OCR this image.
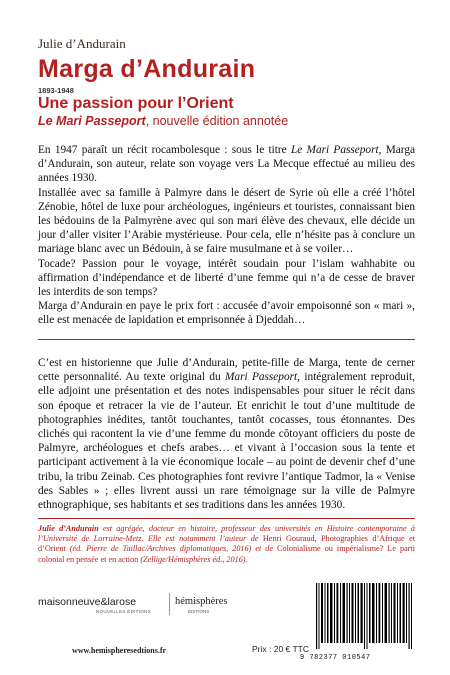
Julie d’Andurain
Marga d’Andurain
1893-1948
Une passion pour l’Orient
Le Mari Passeport, nouvelle édition annotée

En 1947 paraît un récit rocambolesque : sous le titre Le Mari Passeport, Marga d’Andurain, son auteur, relate son voyage vers La Mecque effectué au milieu des années 1930.

Installée avec sa famille à Palmyre dans le désert de Syrie où elle a créé l’hôtel Zénobie, hôtel de luxe pour archéologues, ingénieurs et touristes, connaissant bien les bédouins de la Palmyrène avec qui son mari élève des chevaux, elle décide un jour d’aller visiter l’Arabie mystérieuse. Pour cela, elle n’hésite pas à conclure un mariage blanc avec un Bédouin, à se faire musulmane et à se voiler…

Tocade? Passion pour le voyage, intérêt soudain pour l’islam wahhabite ou affirmation d’indépendance et de liberté d’une femme qui n’a de cesse de braver les interdits de son temps?

Marga d’Andurain en paye le prix fort : accusée d’avoir empoisonné son « mari », elle est menacée de lapidation et emprisonnée à Djeddah…

C’est en historienne que Julie d’Andurain, petite-fille de Marga, tente de cerner cette personnalité. Au texte original du Mari Passeport, intégralement reproduit, elle adjoint une présentation et des notes indispensables pour situer le récit dans son époque et retracer la vie de l’auteur. Et enrichit le tout d’une multitude de photographies inédites, tantôt touchantes, tantôt cocasses, tous étonnantes. Des clichés qui racontent la vie d’une femme du monde côtoyant officiers du poste de Palmyre, archéologues et chefs arabes… et vivant à l’occasion sous la tente et participant activement à la vie économique locale – au point de devenir chef d’une tribu, la tribu Zeinab. Ces photographies font revivre l’antique Tadmor, la « Venise des Sables » ; elles livrent aussi un rare témoignage sur la ville de Palmyre ethnographique, ses habitants et ses traditions dans les années 1930.

Julie d’Andurain est agrégée, docteur en histoire, professeur des universités en Histoire contemporaine à l’Université de Lorraine-Metz. Elle est notamment l’auteur de Henri Gouraud, Photographies d’Afrique et d’Orient (éd. Pierre de Taillac/Archives diplomatiques, 2016) et de Colonialisme ou impérialisme? Le parti colonial en pensée et en action (Zellige/Hémisphères éd., 2016).
maisonneuve&larose
NOUVELLES ÉDITIONS
hémisphères
ÉDITIONS
www.hemispheresedtions.fr	Prix : 20 € TTC
9 782377 010547
